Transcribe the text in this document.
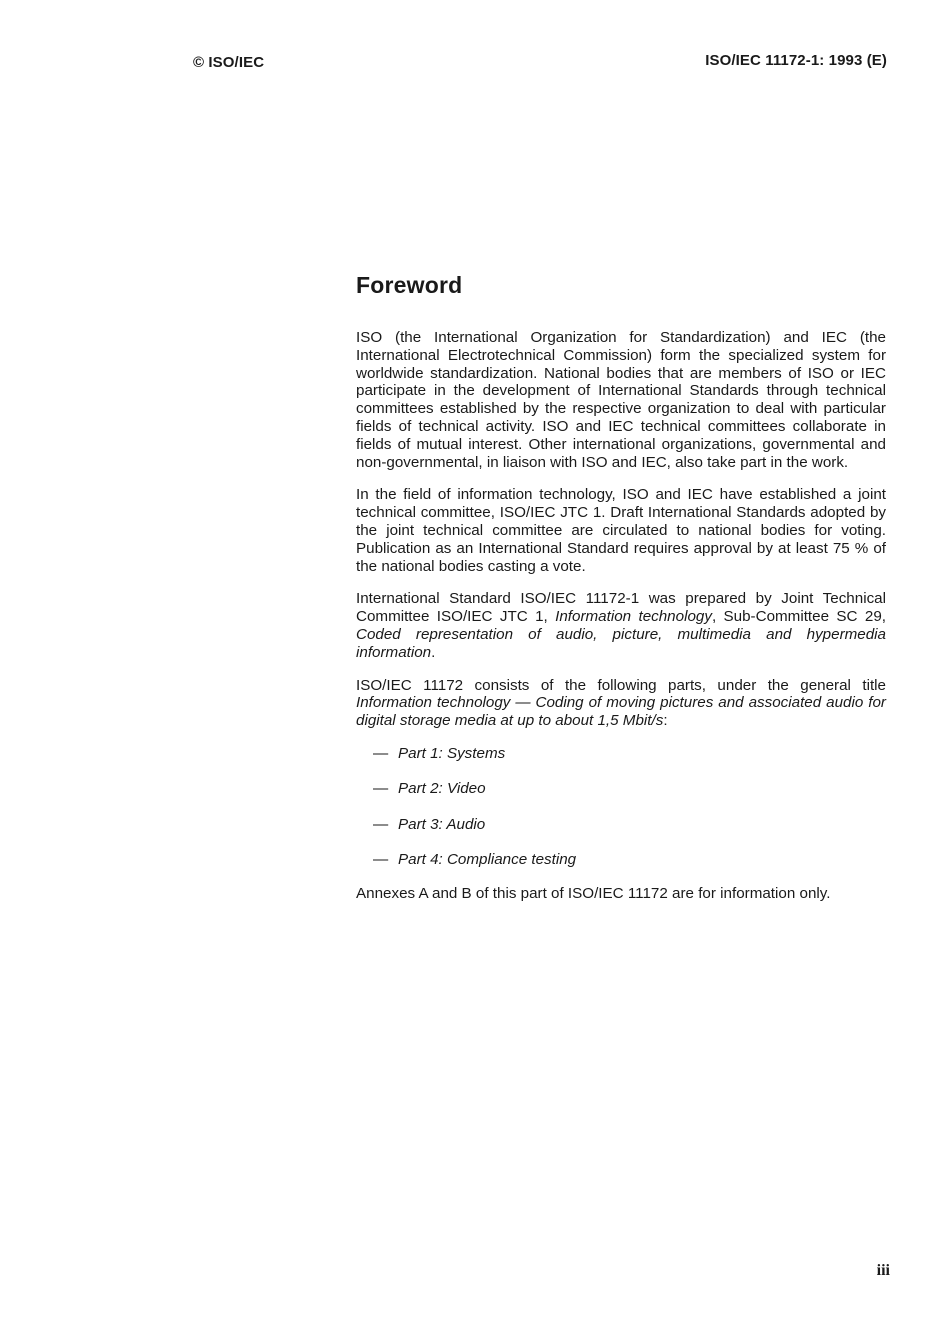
© ISO/IEC	ISO/IEC 11172-1: 1993 (E)
Foreword

ISO (the International Organization for Standardization) and IEC (the International Electrotechnical Commission) form the specialized system for worldwide standardization. National bodies that are members of ISO or IEC participate in the development of International Standards through technical committees established by the respective organization to deal with particular fields of technical activity. ISO and IEC technical committees collaborate in fields of mutual interest. Other international organizations, governmental and non-governmental, in liaison with ISO and IEC, also take part in the work.

In the field of information technology, ISO and IEC have established a joint technical committee, ISO/IEC JTC 1. Draft International Standards adopted by the joint technical committee are circulated to national bodies for voting. Publication as an International Standard requires approval by at least 75 % of the national bodies casting a vote.

International Standard ISO/IEC 11172-1 was prepared by Joint Technical Committee ISO/IEC JTC 1, Information technology, Sub-Committee SC 29, Coded representation of audio, picture, multimedia and hypermedia information.

ISO/IEC 11172 consists of the following parts, under the general title Information technology — Coding of moving pictures and associated audio for digital storage media at up to about 1,5 Mbit/s:

— Part 1: Systems
— Part 2: Video
— Part 3: Audio
— Part 4: Compliance testing

Annexes A and B of this part of ISO/IEC 11172 are for information only.

iii
